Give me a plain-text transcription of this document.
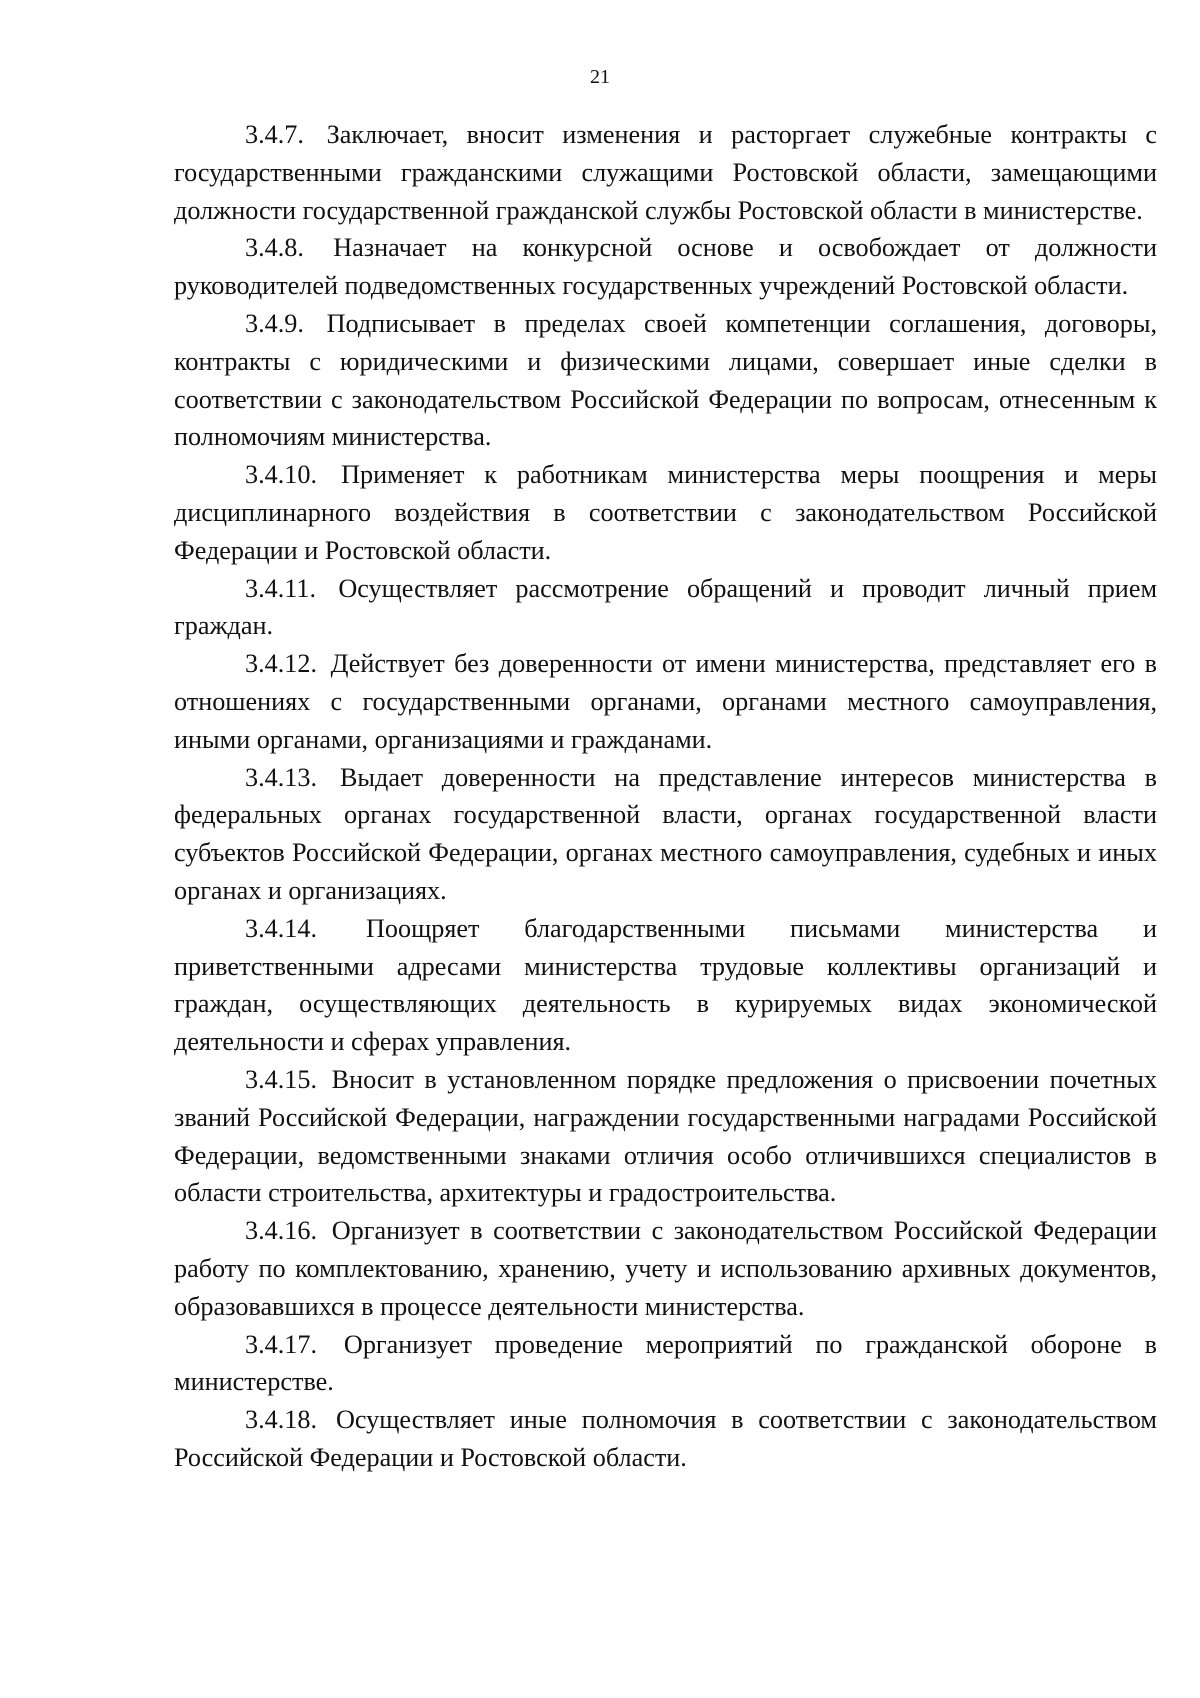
21

3.4.7. Заключает, вносит изменения и расторгает служебные контракты с государственными гражданскими служащими Ростовской области, замещающими должности государственной гражданской службы Ростовской области в министерстве.

3.4.8. Назначает на конкурсной основе и освобождает от должности руководителей подведомственных государственных учреждений Ростовской области.

3.4.9. Подписывает в пределах своей компетенции соглашения, договоры, контракты с юридическими и физическими лицами, совершает иные сделки в соответствии с законодательством Российской Федерации по вопросам, отнесенным к полномочиям министерства.

3.4.10. Применяет к работникам министерства меры поощрения и меры дисциплинарного воздействия в соответствии с законодательством Российской Федерации и Ростовской области.

3.4.11. Осуществляет рассмотрение обращений и проводит личный прием граждан.

3.4.12. Действует без доверенности от имени министерства, представляет его в отношениях с государственными органами, органами местного самоуправления, иными органами, организациями и гражданами.

3.4.13. Выдает доверенности на представление интересов министерства в федеральных органах государственной власти, органах государственной власти субъектов Российской Федерации, органах местного самоуправления, судебных и иных органах и организациях.

3.4.14. Поощряет благодарственными письмами министерства и приветственными адресами министерства трудовые коллективы организаций и граждан, осуществляющих деятельность в курируемых видах экономической деятельности и сферах управления.

3.4.15. Вносит в установленном порядке предложения о присвоении почетных званий Российской Федерации, награждении государственными наградами Российской Федерации, ведомственными знаками отличия особо отличившихся специалистов в области строительства, архитектуры и градостроительства.

3.4.16. Организует в соответствии с законодательством Российской Федерации работу по комплектованию, хранению, учету и использованию архивных документов, образовавшихся в процессе деятельности министерства.

3.4.17. Организует проведение мероприятий по гражданской обороне в министерстве.

3.4.18. Осуществляет иные полномочия в соответствии с законодательством Российской Федерации и Ростовской области.
